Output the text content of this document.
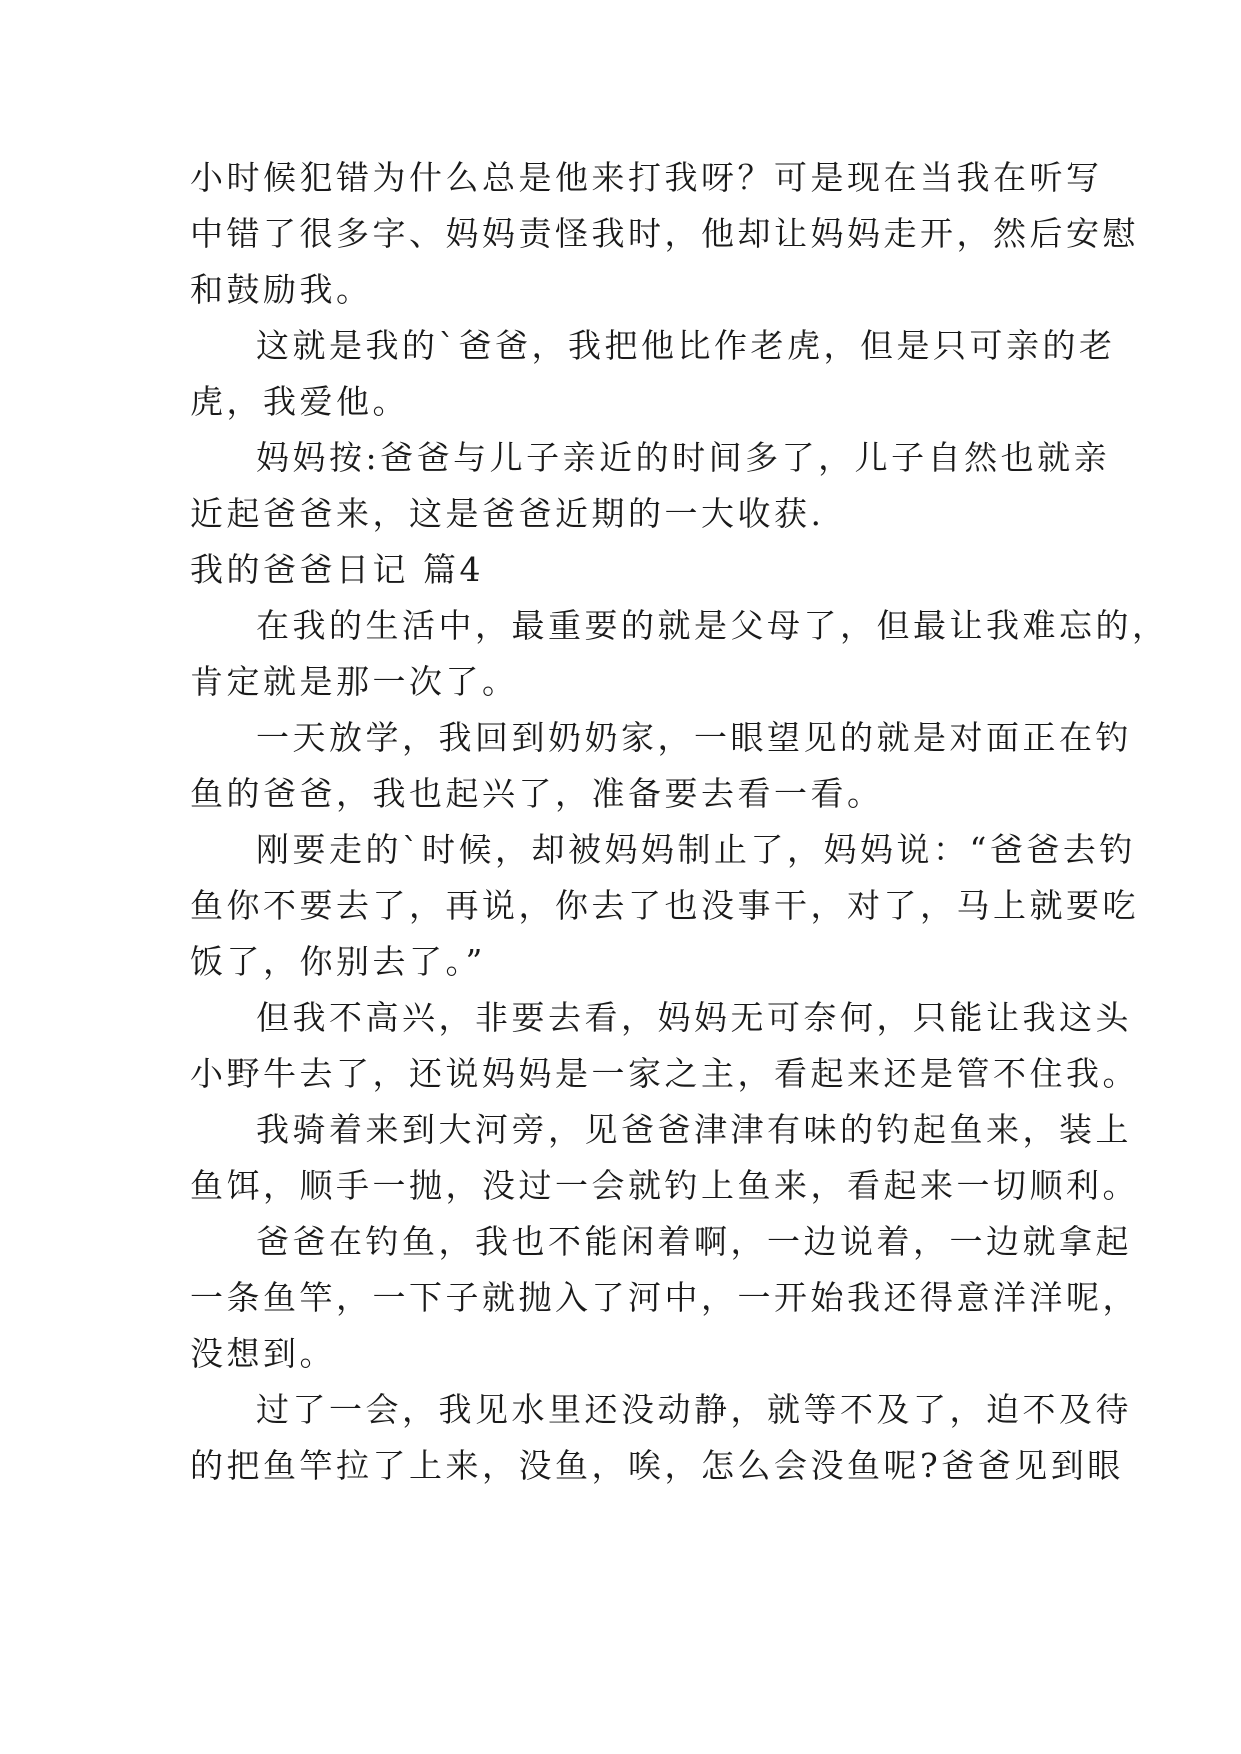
小时候犯错为什么总是他来打我呀？可是现在当我在听写
中错了很多字、妈妈责怪我时，他却让妈妈走开，然后安慰
和鼓励我。
这就是我的`爸爸，我把他比作老虎，但是只可亲的老
虎，我爱他。
妈妈按:爸爸与儿子亲近的时间多了，儿子自然也就亲
近起爸爸来，这是爸爸近期的一大收获.
我的爸爸日记 篇4
在我的生活中，最重要的就是父母了，但最让我难忘的，
肯定就是那一次了。
一天放学，我回到奶奶家，一眼望见的就是对面正在钓
鱼的爸爸，我也起兴了，准备要去看一看。
刚要走的`时候，却被妈妈制止了，妈妈说：“爸爸去钓
鱼你不要去了，再说，你去了也没事干，对了，马上就要吃
饭了，你别去了。”
但我不高兴，非要去看，妈妈无可奈何，只能让我这头
小野牛去了，还说妈妈是一家之主，看起来还是管不住我。
我骑着来到大河旁，见爸爸津津有味的钓起鱼来，装上
鱼饵，顺手一抛，没过一会就钓上鱼来，看起来一切顺利。
爸爸在钓鱼，我也不能闲着啊，一边说着，一边就拿起
一条鱼竿，一下子就抛入了河中，一开始我还得意洋洋呢，
没想到。
过了一会，我见水里还没动静，就等不及了，迫不及待
的把鱼竿拉了上来，没鱼，唉，怎么会没鱼呢?爸爸见到眼
